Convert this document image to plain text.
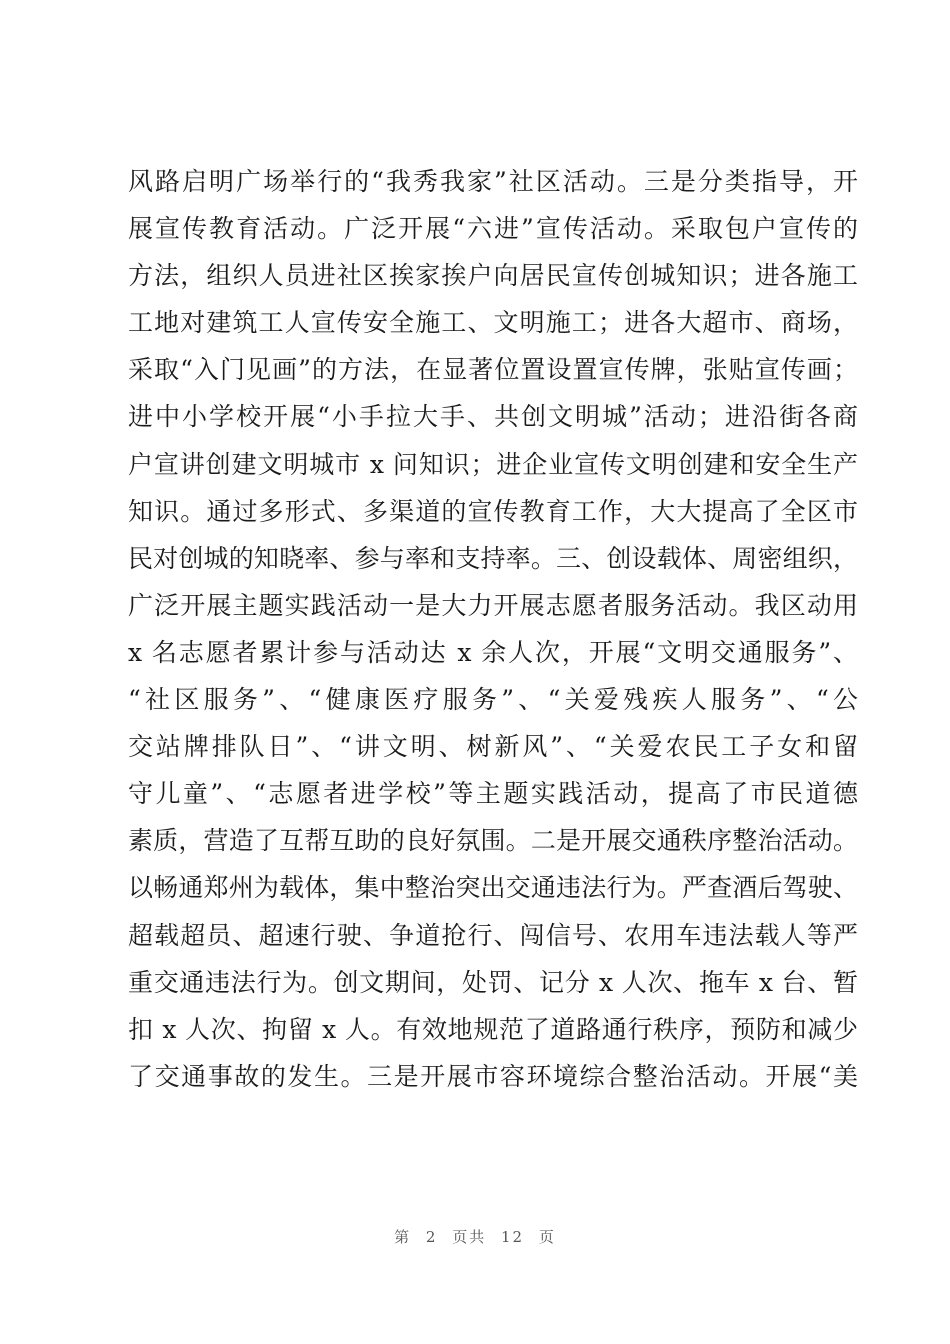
风路启明广场举行的“我秀我家”社区活动。三是分类指导，开
展宣传教育活动。广泛开展“六进”宣传活动。采取包户宣传的
方法，组织人员进社区挨家挨户向居民宣传创城知识；进各施工
工地对建筑工人宣传安全施工、文明施工；进各大超市、商场，
采取“入门见画”的方法，在显著位置设置宣传牌，张贴宣传画；
进中小学校开展“小手拉大手、共创文明城”活动；进沿街各商
户宣讲创建文明城市 x 问知识；进企业宣传文明创建和安全生产
知识。通过多形式、多渠道的宣传教育工作，大大提高了全区市
民对创城的知晓率、参与率和支持率。三、创设载体、周密组织，
广泛开展主题实践活动一是大力开展志愿者服务活动。我区动用
x 名志愿者累计参与活动达 x 余人次，开展“文明交通服务”、
“社区服务”、“健康医疗服务”、“关爱残疾人服务”、“公
交站牌排队日”、“讲文明、树新风”、“关爱农民工子女和留
守儿童”、“志愿者进学校”等主题实践活动，提高了市民道德
素质，营造了互帮互助的良好氛围。二是开展交通秩序整治活动。
以畅通郑州为载体，集中整治突出交通违法行为。严查酒后驾驶、
超载超员、超速行驶、争道抢行、闯信号、农用车违法载人等严
重交通违法行为。创文期间，处罚、记分 x 人次、拖车 x 台、暂
扣 x 人次、拘留 x 人。有效地规范了道路通行秩序，预防和减少
了交通事故的发生。三是开展市容环境综合整治活动。开展“美
第 2 页共 12 页
